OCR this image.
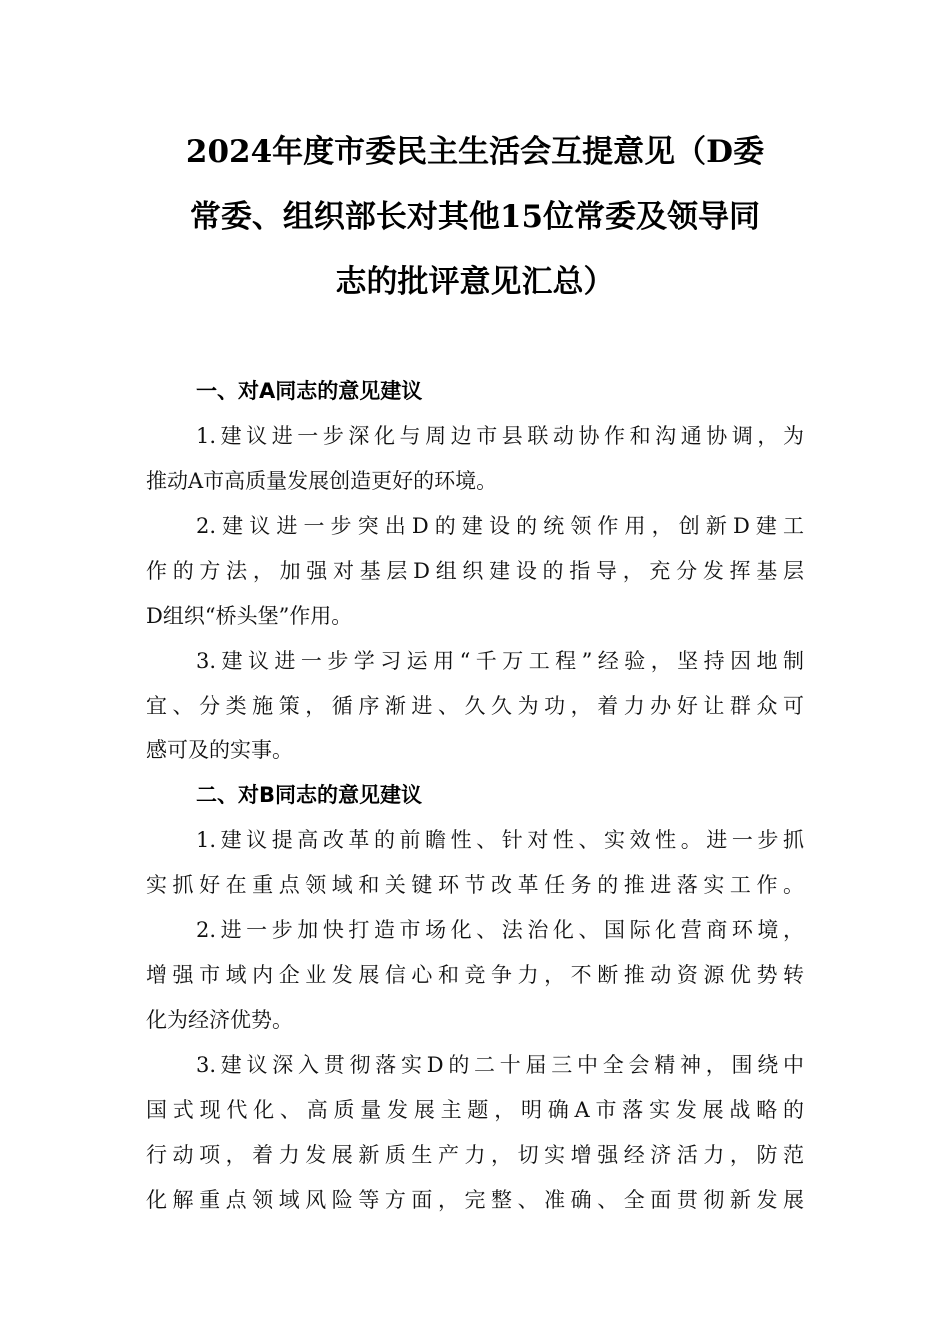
2024年度市委民主生活会互提意见（D委
常委、组织部长对其他15位常委及领导同
志的批评意见汇总）
一、对A同志的意见建议
1.建议进一步深化与周边市县联动协作和沟通协调，为
推动A市高质量发展创造更好的环境。
2.建议进一步突出D的建设的统领作用，创新D建工
作的方法，加强对基层D组织建设的指导，充分发挥基层
D组织“桥头堡”作用。
3.建议进一步学习运用“千万工程”经验，坚持因地制
宜、分类施策，循序渐进、久久为功，着力办好让群众可
感可及的实事。
二、对B同志的意见建议
1.建议提高改革的前瞻性、针对性、实效性。进一步抓
实抓好在重点领域和关键环节改革任务的推进落实工作。
2.进一步加快打造市场化、法治化、国际化营商环境，
增强市域内企业发展信心和竞争力，不断推动资源优势转
化为经济优势。
3.建议深入贯彻落实D的二十届三中全会精神，围绕中
国式现代化、高质量发展主题，明确A市落实发展战略的
行动项，着力发展新质生产力，切实增强经济活力，防范
化解重点领域风险等方面，完整、准确、全面贯彻新发展
